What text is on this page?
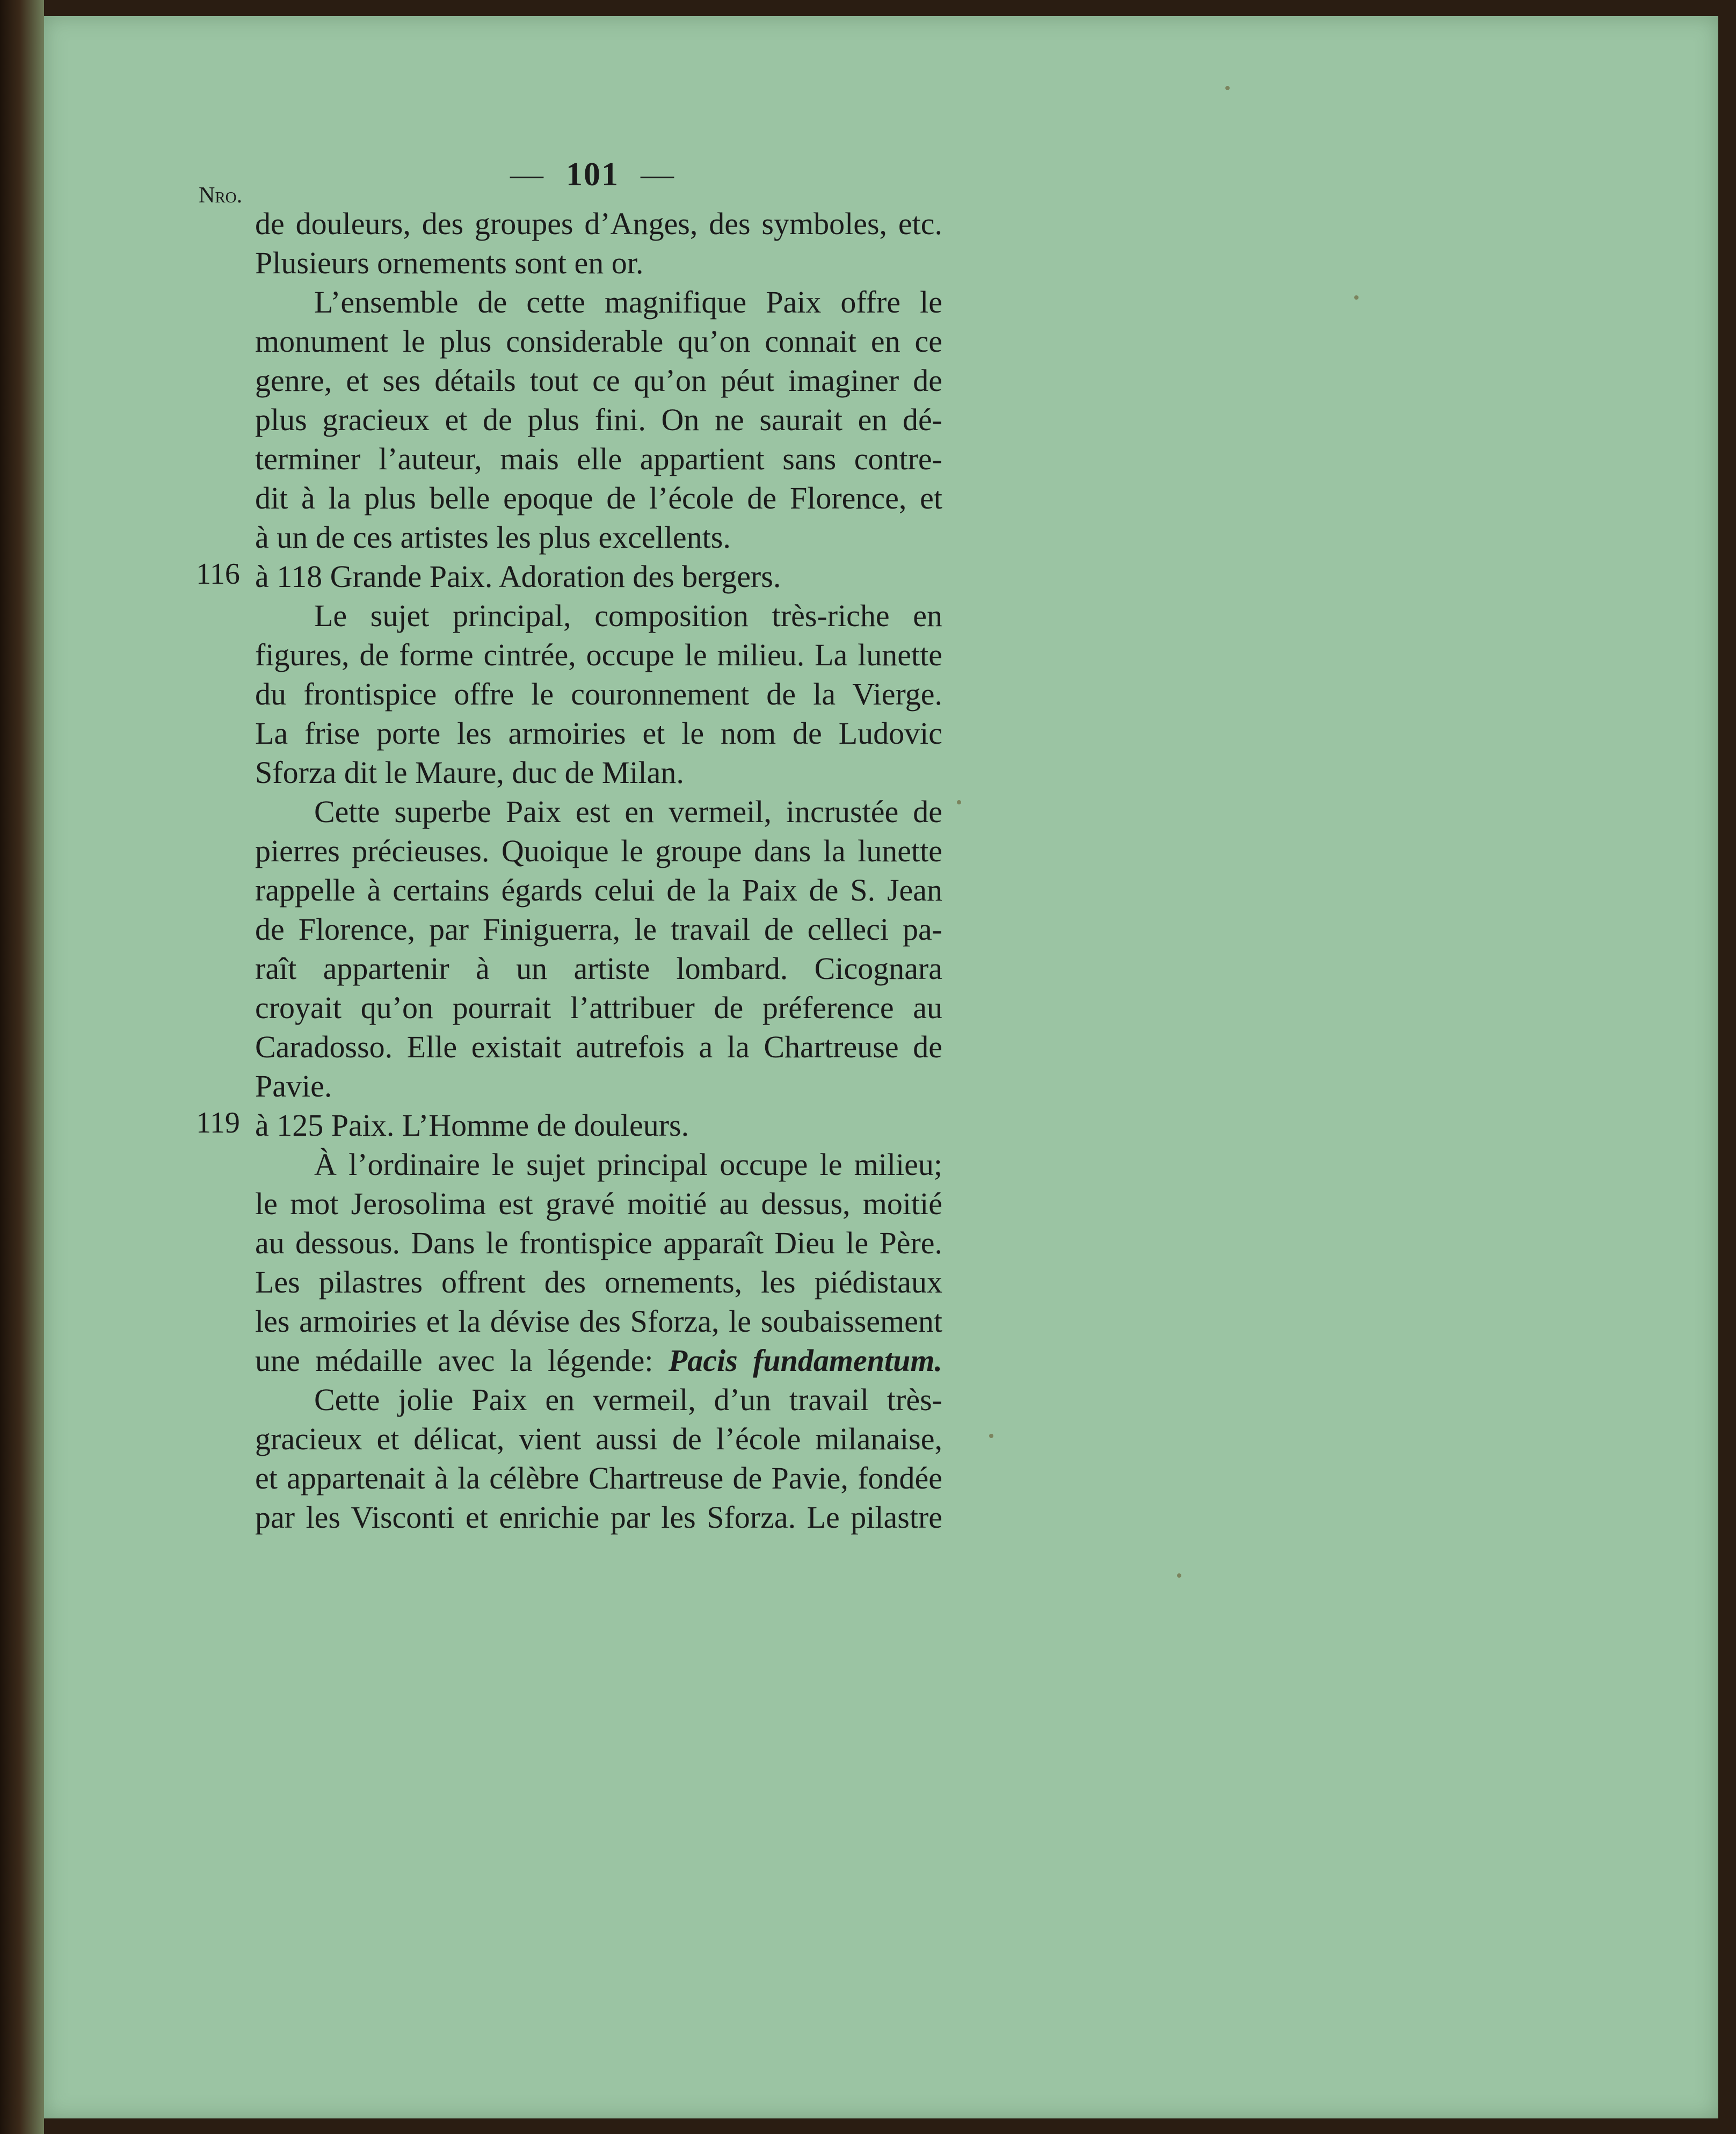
Nro.
— 101 —
de douleurs, des groupes d’Anges, des symboles, etc.
Plusieurs ornements sont en or.
L’ensemble de cette magnifique Paix offre le
monument le plus considerable qu’on connait en ce
genre, et ses détails tout ce qu’on péut imaginer de
plus gracieux et de plus fini. On ne saurait en dé-
terminer l’auteur, mais elle appartient sans contre-
dit à la plus belle epoque de l’école de Florence, et
à un de ces artistes les plus excellents.
à 118 Grande Paix. Adoration des bergers.
Le sujet principal, composition très-riche en
figures, de forme cintrée, occupe le milieu. La lunette
du frontispice offre le couronnement de la Vierge.
La frise porte les armoiries et le nom de Ludovic
Sforza dit le Maure, duc de Milan.
Cette superbe Paix est en vermeil, incrustée de
pierres précieuses. Quoique le groupe dans la lunette
rappelle à certains égards celui de la Paix de S. Jean
de Florence, par Finiguerra, le travail de celleci pa-
raît appartenir à un artiste lombard. Cicognara
croyait qu’on pourrait l’attribuer de préference au
Caradosso. Elle existait autrefois a la Chartreuse de
Pavie.
à 125 Paix. L’Homme de douleurs.
À l’ordinaire le sujet principal occupe le milieu;
le mot Jerosolima est gravé moitié au dessus, moitié
au dessous. Dans le frontispice apparaît Dieu le Père.
Les pilastres offrent des ornements, les piédistaux
les armoiries et la dévise des Sforza, le soubaissement
une médaille avec la légende: Pacis fundamentum.
Cette jolie Paix en vermeil, d’un travail très-
gracieux et délicat, vient aussi de l’école milanaise,
et appartenait à la célèbre Chartreuse de Pavie, fondée
par les Visconti et enrichie par les Sforza. Le pilastre
116
119
